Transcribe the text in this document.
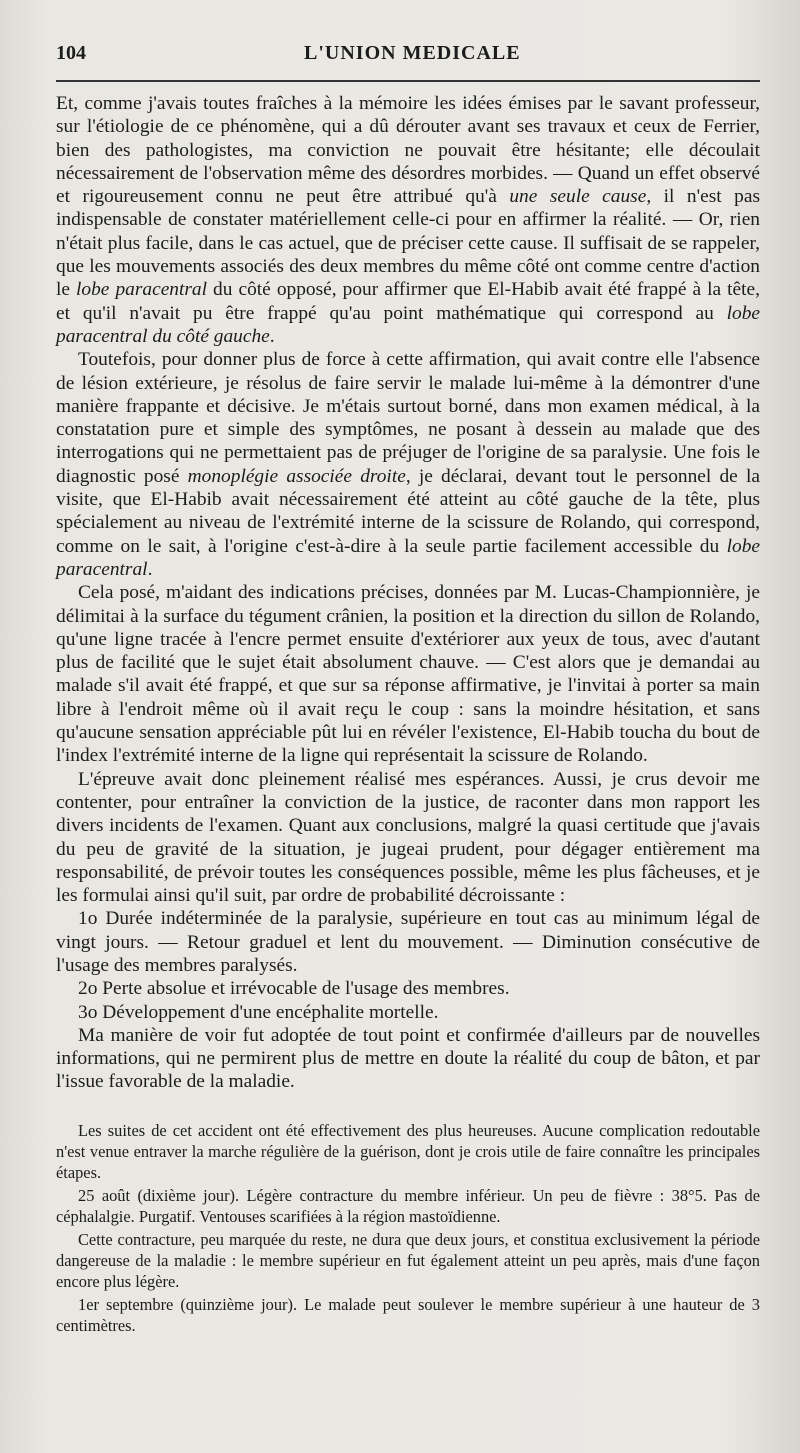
104	L'UNION MEDICALE

Et, comme j'avais toutes fraîches à la mémoire les idées émises par le savant professeur, sur l'étiologie de ce phénomène, qui a dû dérouter avant ses travaux et ceux de Ferrier, bien des pathologistes, ma conviction ne pouvait être hésitante; elle découlait nécessairement de l'observation même des désordres morbides. — Quand un effet observé et rigoureusement connu ne peut être attribué qu'à une seule cause, il n'est pas indispensable de constater matériellement celle-ci pour en affirmer la réalité. — Or, rien n'était plus facile, dans le cas actuel, que de préciser cette cause. Il suffisait de se rappeler, que les mouvements associés des deux membres du même côté ont comme centre d'action le lobe paracentral du côté opposé, pour affirmer que El-Habib avait été frappé à la tête, et qu'il n'avait pu être frappé qu'au point mathématique qui correspond au lobe paracentral du côté gauche.

Toutefois, pour donner plus de force à cette affirmation, qui avait contre elle l'absence de lésion extérieure, je résolus de faire servir le malade lui-même à la démontrer d'une manière frappante et décisive. Je m'étais surtout borné, dans mon examen médical, à la constatation pure et simple des symptômes, ne posant à dessein au malade que des interrogations qui ne permettaient pas de préjuger de l'origine de sa paralysie. Une fois le diagnostic posé monoplégie associée droite, je déclarai, devant tout le personnel de la visite, que El-Habib avait nécessairement été atteint au côté gauche de la tête, plus spécialement au niveau de l'extrémité interne de la scissure de Rolando, qui correspond, comme on le sait, à l'origine c'est-à-dire à la seule partie facilement accessible du lobe paracentral.

Cela posé, m'aidant des indications précises, données par M. Lucas-Championnière, je délimitai à la surface du tégument crânien, la position et la direction du sillon de Rolando, qu'une ligne tracée à l'encre permet ensuite d'extériorer aux yeux de tous, avec d'autant plus de facilité que le sujet était absolument chauve. — C'est alors que je demandai au malade s'il avait été frappé, et que sur sa réponse affirmative, je l'invitai à porter sa main libre à l'endroit même où il avait reçu le coup : sans la moindre hésitation, et sans qu'aucune sensation appréciable pût lui en révéler l'existence, El-Habib toucha du bout de l'index l'extrémité interne de la ligne qui représentait la scissure de Rolando.

L'épreuve avait donc pleinement réalisé mes espérances. Aussi, je crus devoir me contenter, pour entraîner la conviction de la justice, de raconter dans mon rapport les divers incidents de l'examen. Quant aux conclusions, malgré la quasi certitude que j'avais du peu de gravité de la situation, je jugeai prudent, pour dégager entièrement ma responsabilité, de prévoir toutes les conséquences possible, même les plus fâcheuses, et je les formulai ainsi qu'il suit, par ordre de probabilité décroissante :

1o Durée indéterminée de la paralysie, supérieure en tout cas au minimum légal de vingt jours. — Retour graduel et lent du mouvement. — Diminution consécutive de l'usage des membres paralysés.

2o Perte absolue et irrévocable de l'usage des membres.

3o Développement d'une encéphalite mortelle.

Ma manière de voir fut adoptée de tout point et confirmée d'ailleurs par de nouvelles informations, qui ne permirent plus de mettre en doute la réalité du coup de bâton, et par l'issue favorable de la maladie.

Les suites de cet accident ont été effectivement des plus heureuses. Aucune complication redoutable n'est venue entraver la marche régulière de la guérison, dont je crois utile de faire connaître les principales étapes.

25 août (dixième jour). Légère contracture du membre inférieur. Un peu de fièvre : 38°5. Pas de céphalalgie. Purgatif. Ventouses scarifiées à la région mastoïdienne.

Cette contracture, peu marquée du reste, ne dura que deux jours, et constitua exclusivement la période dangereuse de la maladie : le membre supérieur en fut également atteint un peu après, mais d'une façon encore plus légère.

1er septembre (quinzième jour). Le malade peut soulever le membre supérieur à une hauteur de 3 centimètres.
